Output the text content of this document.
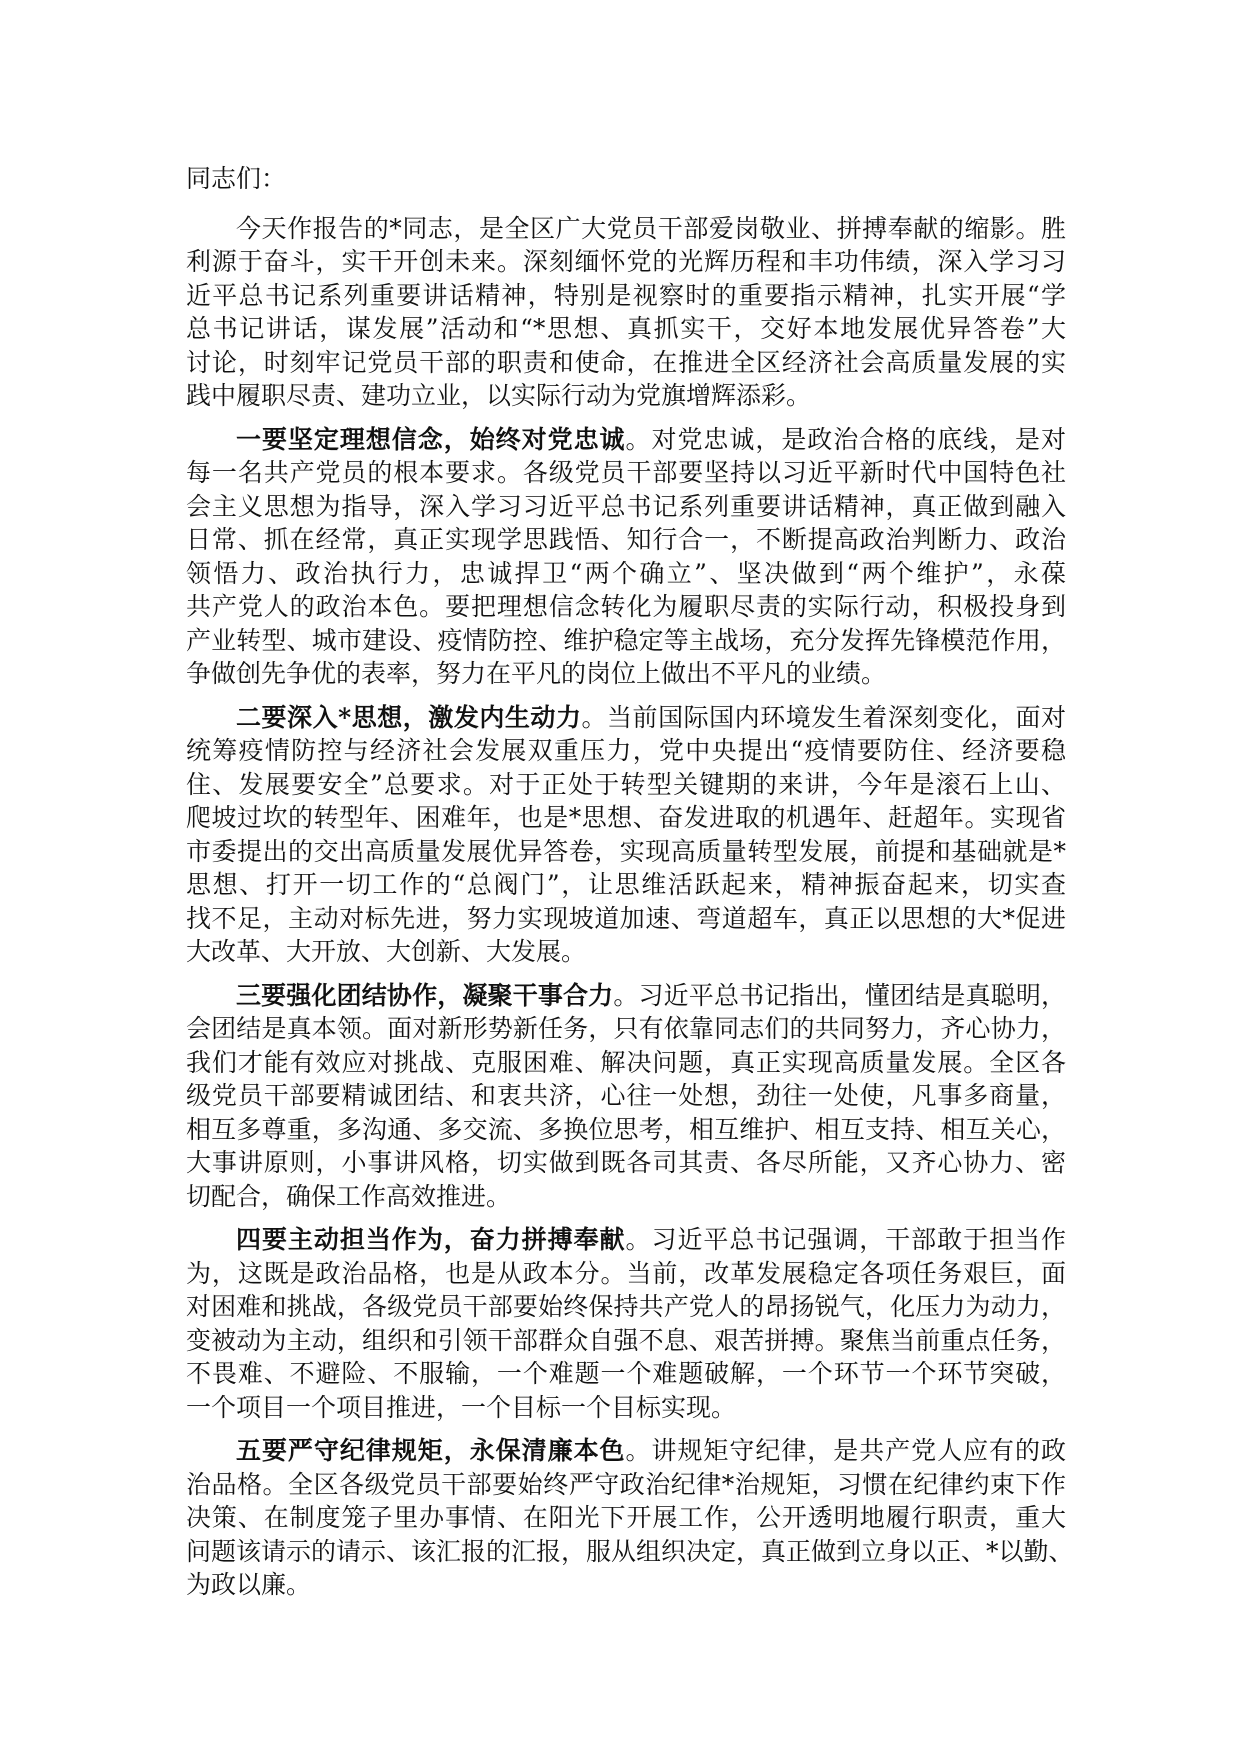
同志们：
今天作报告的*同志，是全区广大党员干部爱岗敬业、拼搏奉献的缩影。胜
利源于奋斗，实干开创未来。深刻缅怀党的光辉历程和丰功伟绩，深入学习习
近平总书记系列重要讲话精神，特别是视察时的重要指示精神，扎实开展“学
总书记讲话，谋发展”活动和“*思想、真抓实干，交好本地发展优异答卷”大
讨论，时刻牢记党员干部的职责和使命，在推进全区经济社会高质量发展的实
践中履职尽责、建功立业，以实际行动为党旗增辉添彩。
一要坚定理想信念，始终对党忠诚。对党忠诚，是政治合格的底线，是对
每一名共产党员的根本要求。各级党员干部要坚持以习近平新时代中国特色社
会主义思想为指导，深入学习习近平总书记系列重要讲话精神，真正做到融入
日常、抓在经常，真正实现学思践悟、知行合一，不断提高政治判断力、政治
领悟力、政治执行力，忠诚捍卫“两个确立”、坚决做到“两个维护”，永葆
共产党人的政治本色。要把理想信念转化为履职尽责的实际行动，积极投身到
产业转型、城市建设、疫情防控、维护稳定等主战场，充分发挥先锋模范作用，
争做创先争优的表率，努力在平凡的岗位上做出不平凡的业绩。
二要深入*思想，激发内生动力。当前国际国内环境发生着深刻变化，面对
统筹疫情防控与经济社会发展双重压力，党中央提出“疫情要防住、经济要稳
住、发展要安全”总要求。对于正处于转型关键期的来讲，今年是滚石上山、
爬坡过坎的转型年、困难年，也是*思想、奋发进取的机遇年、赶超年。实现省
市委提出的交出高质量发展优异答卷，实现高质量转型发展，前提和基础就是*
思想、打开一切工作的“总阀门”，让思维活跃起来，精神振奋起来，切实查
找不足，主动对标先进，努力实现坡道加速、弯道超车，真正以思想的大*促进
大改革、大开放、大创新、大发展。
三要强化团结协作，凝聚干事合力。习近平总书记指出，懂团结是真聪明，
会团结是真本领。面对新形势新任务，只有依靠同志们的共同努力，齐心协力，
我们才能有效应对挑战、克服困难、解决问题，真正实现高质量发展。全区各
级党员干部要精诚团结、和衷共济，心往一处想，劲往一处使，凡事多商量，
相互多尊重，多沟通、多交流、多换位思考，相互维护、相互支持、相互关心，
大事讲原则，小事讲风格，切实做到既各司其责、各尽所能，又齐心协力、密
切配合，确保工作高效推进。
四要主动担当作为，奋力拼搏奉献。习近平总书记强调，干部敢于担当作
为，这既是政治品格，也是从政本分。当前，改革发展稳定各项任务艰巨，面
对困难和挑战，各级党员干部要始终保持共产党人的昂扬锐气，化压力为动力，
变被动为主动，组织和引领干部群众自强不息、艰苦拼搏。聚焦当前重点任务，
不畏难、不避险、不服输，一个难题一个难题破解，一个环节一个环节突破，
一个项目一个项目推进，一个目标一个目标实现。
五要严守纪律规矩，永保清廉本色。讲规矩守纪律，是共产党人应有的政
治品格。全区各级党员干部要始终严守政治纪律*治规矩，习惯在纪律约束下作
决策、在制度笼子里办事情、在阳光下开展工作，公开透明地履行职责，重大
问题该请示的请示、该汇报的汇报，服从组织决定，真正做到立身以正、*以勤、
为政以廉。
